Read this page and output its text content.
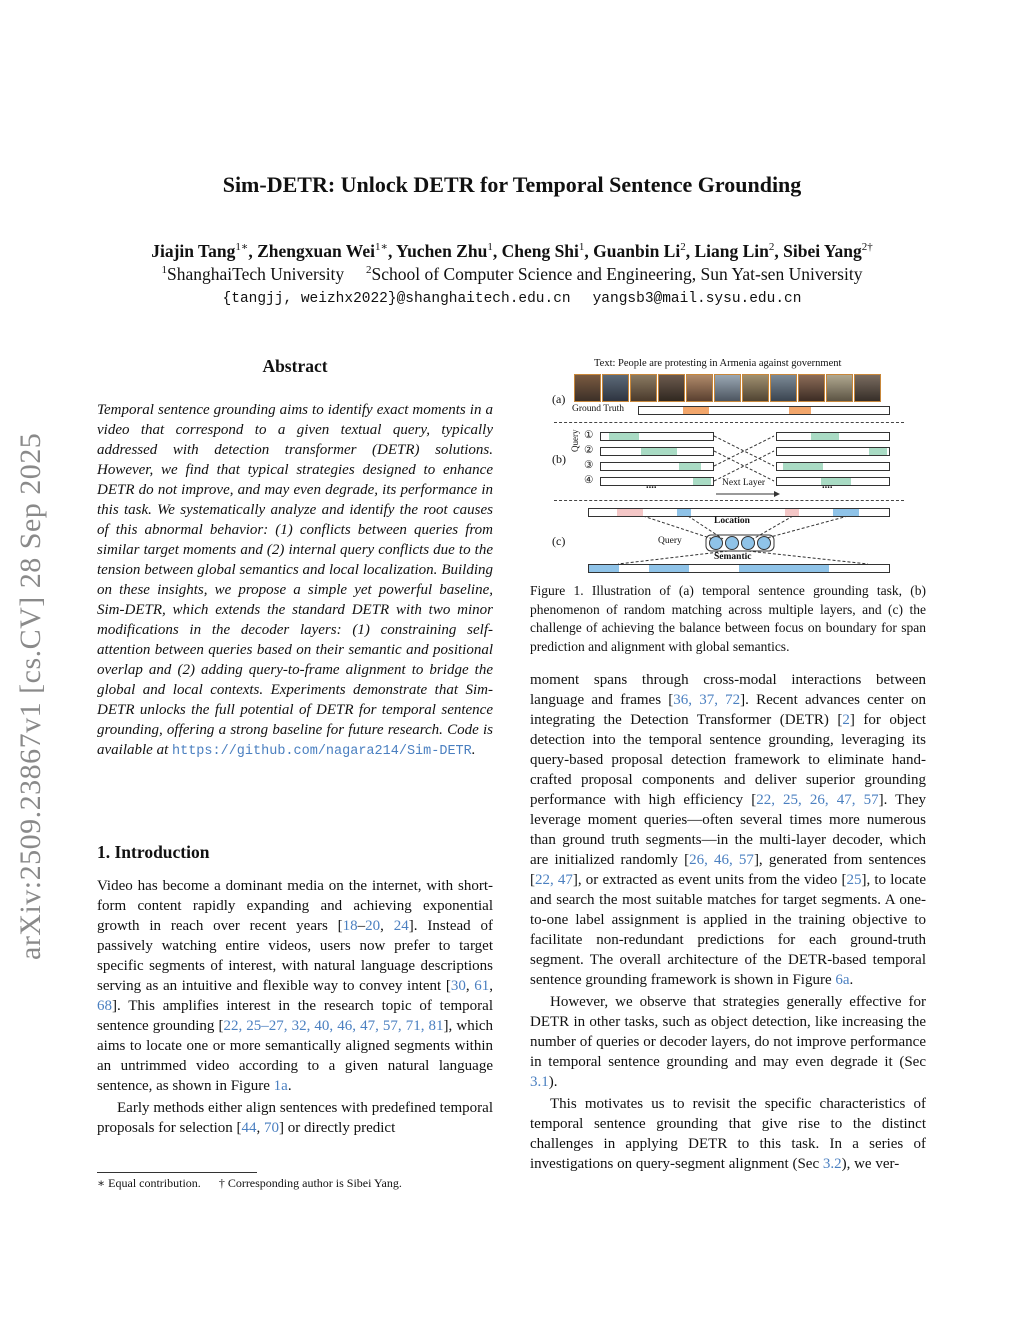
Sim-DETR: Unlock DETR for Temporal Sentence Grounding
Jiajin Tang$^{1∗}$, Zhengxuan Wei$^{1∗}$, Yuchen Zhu$^1$, Cheng Shi$^1$, Guanbin Li$^2$, Liang Lin$^2$, Sibei Yang$^{2\dagger}$
$^1$ShanghaiTech University $^2$School of Computer Science and Engineering, Sun Yat-sen University
{tangjj, weizhx2022}@shanghaitech.edu.cn yangsb3@mail.sysu.edu.cn
arXiv:2509.23867v1 [cs.CV] 28 Sep 2025
Abstract
Temporal sentence grounding aims to identify exact moments in a video that correspond to a given textual query, typically addressed with detection transformer (DETR) solutions. However, we find that typical strategies designed to enhance DETR do not improve, and may even degrade, its performance in this task. We systematically analyze and identify the root causes of this abnormal behavior: (1) conflicts between queries from similar target moments and (2) internal query conflicts due to the tension between global semantics and local localization. Building on these insights, we propose a simple yet powerful baseline, Sim-DETR, which extends the standard DETR with two minor modifications in the decoder layers: (1) constraining self-attention between queries based on their semantic and positional overlap and (2) adding query-to-frame alignment to bridge the global and local contexts. Experiments demonstrate that Sim-DETR unlocks the full potential of DETR for temporal sentence grounding, offering a strong baseline for future research. Code is available at https://github.com/nagara214/Sim-DETR.
1. Introduction

Video has become a dominant media on the internet, with short-form content rapidly expanding and achieving exponential growth in reach over recent years [18–20, 24]. Instead of passively watching entire videos, users now prefer to target specific segments of interest, with natural language descriptions serving as an intuitive and flexible way to convey intent [30, 61, 68]. This amplifies interest in the research topic of temporal sentence grounding [22, 25–27, 32, 40, 46, 47, 57, 71, 81], which aims to locate one or more semantically aligned segments within an untrimmed video according to a given natural language sentence, as shown in Figure 1a.

Early methods either align sentences with predefined temporal proposals for selection [44, 70] or directly predict

∗ Equal contribution. † Corresponding author is Sibei Yang.
Text: People are protesting in Armenia against government
(a)
Ground Truth
(b)
Query ①
②
③
④	....	Next Layer	....
(c)
Location
Query
Semantic
Figure 1. Illustration of (a) temporal sentence grounding task, (b) phenomenon of random matching across multiple layers, and (c) the challenge of achieving the balance between focus on boundary for span prediction and alignment with global semantics.

moment spans through cross-modal interactions between language and frames [36, 37, 72]. Recent advances center on integrating the Detection Transformer (DETR) [2] for object detection into the temporal sentence grounding, leveraging its query-based proposal detection framework to eliminate hand-crafted proposal components and deliver superior grounding performance with high efficiency [22, 25, 26, 47, 57]. They leverage moment queries—often several times more numerous than ground truth segments—in the multi-layer decoder, which are initialized randomly [26, 46, 57], generated from sentences [22, 47], or extracted as event units from the video [25], to locate and search the most suitable matches for target segments. A one-to-one label assignment is applied in the training objective to facilitate non-redundant predictions for each ground-truth segment. The overall architecture of the DETR-based temporal sentence grounding framework is shown in Figure 6a.

However, we observe that strategies generally effective for DETR in other tasks, such as object detection, like increasing the number of queries or decoder layers, do not improve performance in temporal sentence grounding and may even degrade it (Sec 3.1).

This motivates us to revisit the specific characteristics of temporal sentence grounding that give rise to the distinct challenges in applying DETR to this task. In a series of investigations on query-segment alignment (Sec 3.2), we ver-
